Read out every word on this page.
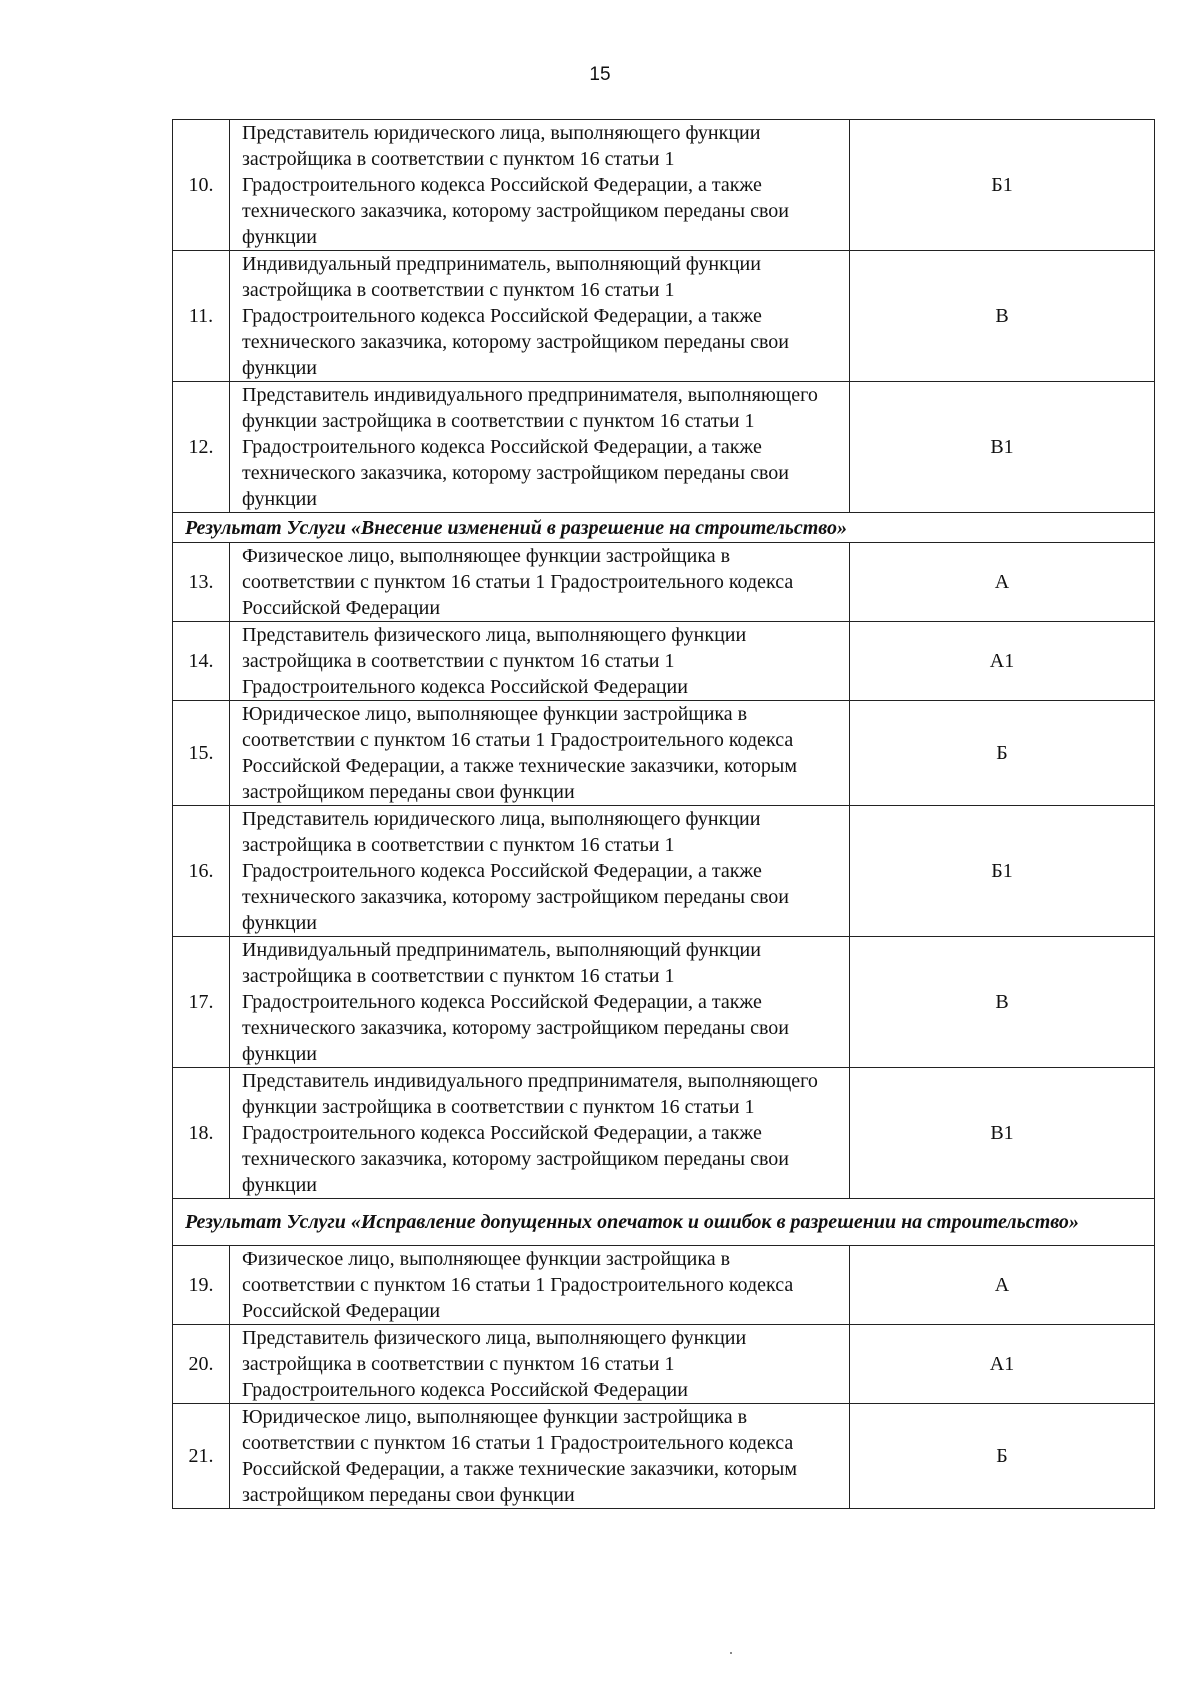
15
10.	Представитель юридического лица, выполняющего функции застройщика в соответствии с пунктом 16 статьи 1 Градостроительного кодекса Российской Федерации, а также технического заказчика, которому застройщиком переданы свои функции	Б1
11.	Индивидуальный предприниматель, выполняющий функции застройщика в соответствии с пунктом 16 статьи 1 Градостроительного кодекса Российской Федерации, а также технического заказчика, которому застройщиком переданы свои функции	В
12.	Представитель индивидуального предпринимателя, выполняющего функции застройщика в соответствии с пунктом 16 статьи 1 Градостроительного кодекса Российской Федерации, а также технического заказчика, которому застройщиком переданы свои функции	В1
Результат Услуги «Внесение изменений в разрешение на строительство»		
13.	Физическое лицо, выполняющее функции застройщика в соответствии с пунктом 16 статьи 1 Градостроительного кодекса Российской Федерации	А
14.	Представитель физического лица, выполняющего функции застройщика в соответствии с пунктом 16 статьи 1 Градостроительного кодекса Российской Федерации	А1
15.	Юридическое лицо, выполняющее функции застройщика в соответствии с пунктом 16 статьи 1 Градостроительного кодекса Российской Федерации, а также технические заказчики, которым застройщиком переданы свои функции	Б
16.	Представитель юридического лица, выполняющего функции застройщика в соответствии с пунктом 16 статьи 1 Градостроительного кодекса Российской Федерации, а также технического заказчика, которому застройщиком переданы свои функции	Б1
17.	Индивидуальный предприниматель, выполняющий функции застройщика в соответствии с пунктом 16 статьи 1 Градостроительного кодекса Российской Федерации, а также технического заказчика, которому застройщиком переданы свои функции	В
18.	Представитель индивидуального предпринимателя, выполняющего функции застройщика в соответствии с пунктом 16 статьи 1 Градостроительного кодекса Российской Федерации, а также технического заказчика, которому застройщиком переданы свои функции	В1
Результат Услуги «Исправление допущенных опечаток и ошибок в разрешении на строительство»		
19.	Физическое лицо, выполняющее функции застройщика в соответствии с пунктом 16 статьи 1 Градостроительного кодекса Российской Федерации	А
20.	Представитель физического лица, выполняющего функции застройщика в соответствии с пунктом 16 статьи 1 Градостроительного кодекса Российской Федерации	А1
21.	Юридическое лицо, выполняющее функции застройщика в соответствии с пунктом 16 статьи 1 Градостроительного кодекса Российской Федерации, а также технические заказчики, которым застройщиком переданы свои функции	Б
